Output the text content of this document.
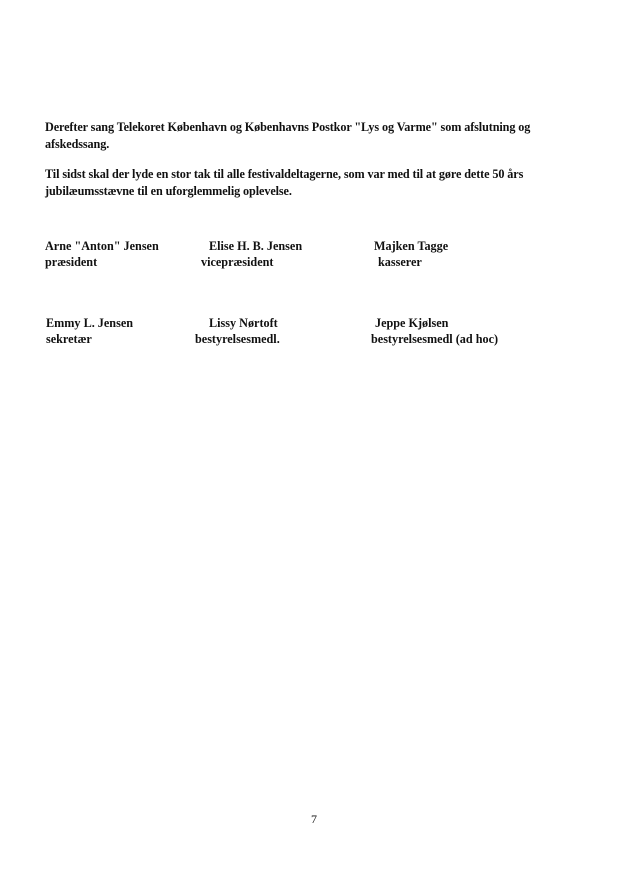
Derefter sang Telekoret København og Københavns Postkor "Lys og Varme" som afslutning og afskedssang.
Til sidst skal der lyde en stor tak til alle festivaldeltagerne, som var med til at gøre dette 50 års jubilæumsstævne til en uforglemmelig oplevelse.
Arne "Anton" Jensen
præsident
Elise H. B. Jensen
vicepræsident
Majken Tagge
kasserer
Emmy L. Jensen
sekretær
Lissy Nørtoft
bestyrelsesmedl.
Jeppe Kjølsen
bestyrelsesmedl (ad hoc)
7
